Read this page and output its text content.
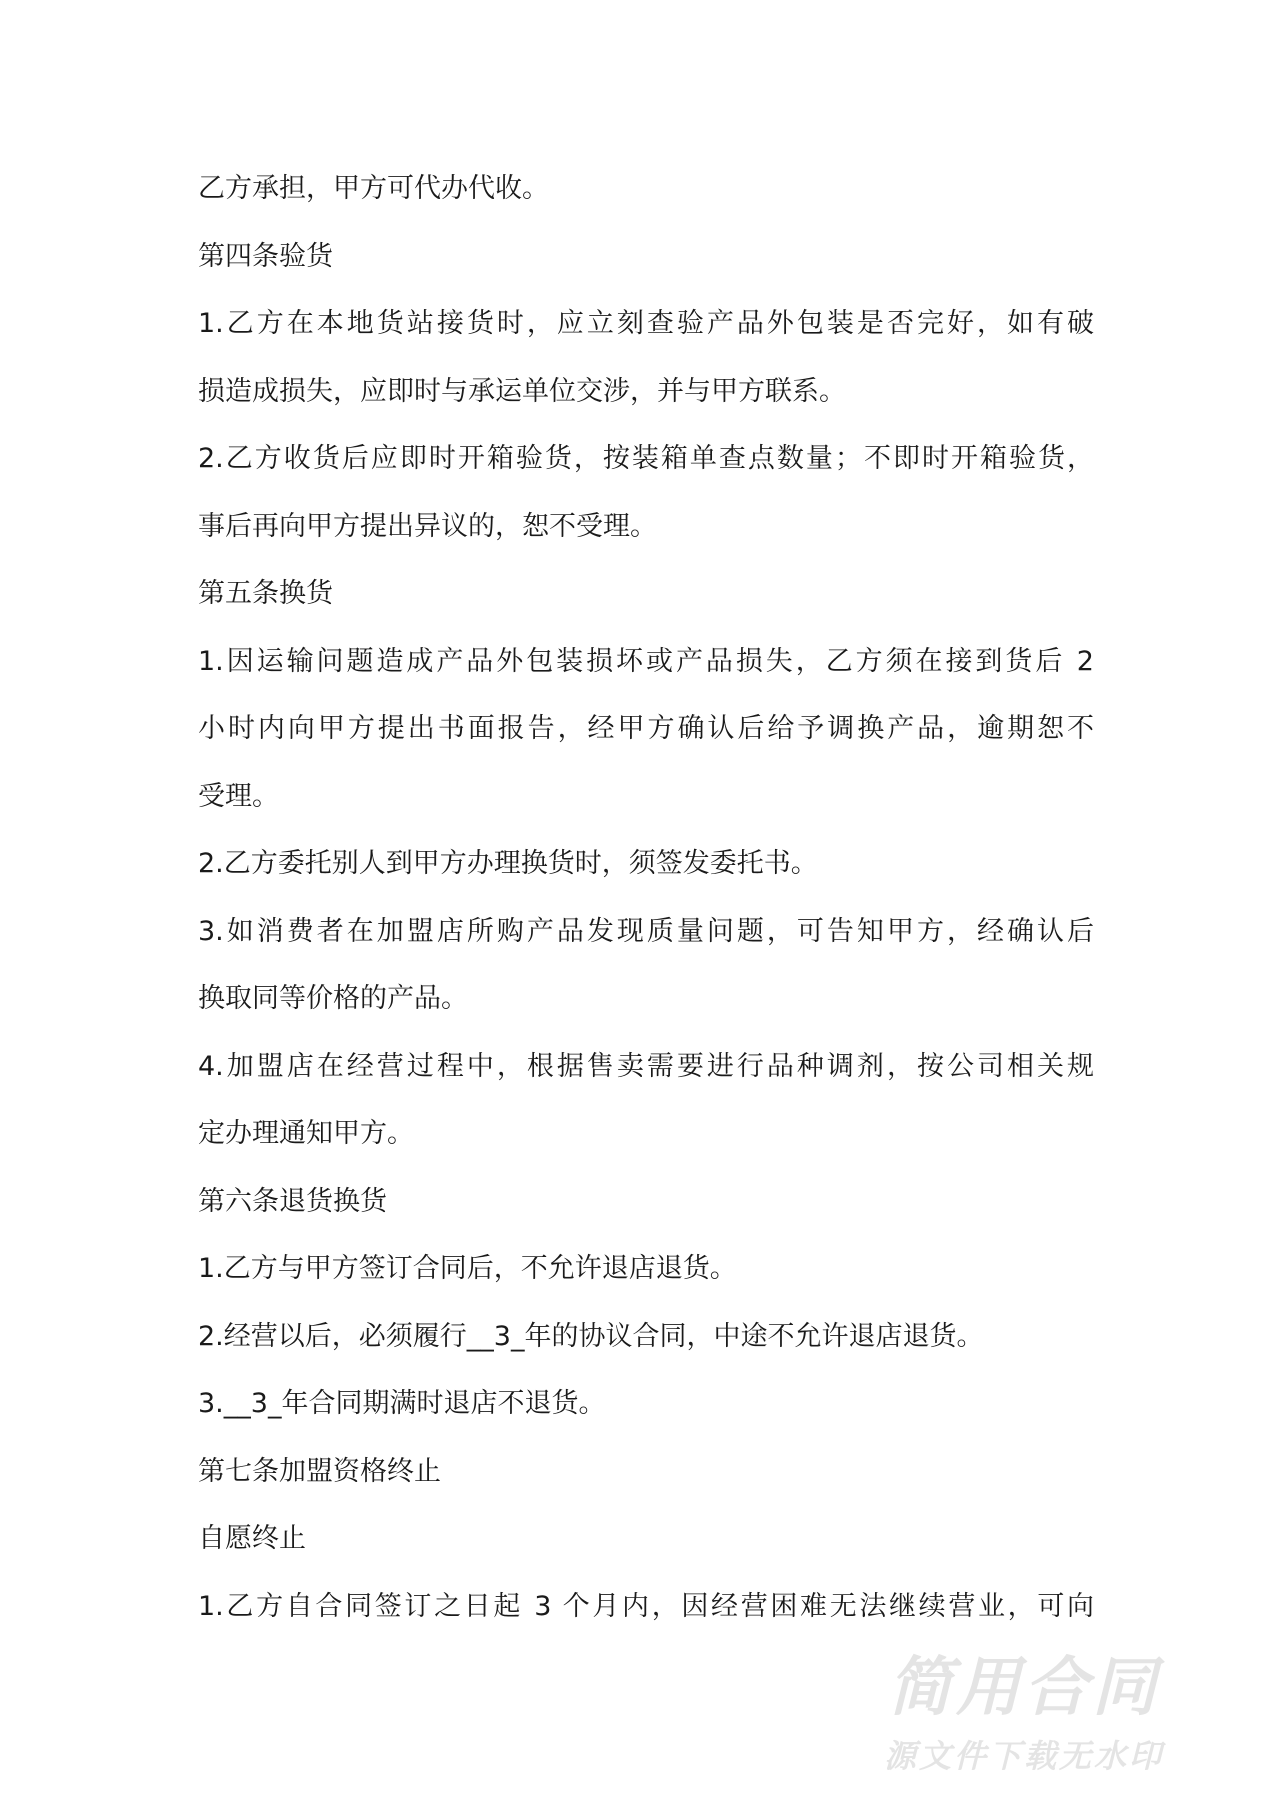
乙方承担，甲方可代办代收。
第四条验货
1.乙方在本地货站接货时，应立刻查验产品外包装是否完好，如有破
损造成损失，应即时与承运单位交涉，并与甲方联系。
2.乙方收货后应即时开箱验货，按装箱单查点数量；不即时开箱验货，
事后再向甲方提出异议的，恕不受理。
第五条换货
1.因运输问题造成产品外包装损坏或产品损失，乙方须在接到货后 2
小时内向甲方提出书面报告，经甲方确认后给予调换产品，逾期恕不
受理。
2.乙方委托别人到甲方办理换货时，须签发委托书。
3.如消费者在加盟店所购产品发现质量问题，可告知甲方，经确认后
换取同等价格的产品。
4.加盟店在经营过程中，根据售卖需要进行品种调剂，按公司相关规
定办理通知甲方。
第六条退货换货
1.乙方与甲方签订合同后，不允许退店退货。
2.经营以后，必须履行__3_年的协议合同，中途不允许退店退货。
3.__3_年合同期满时退店不退货。
第七条加盟资格终止
自愿终止
1.乙方自合同签订之日起 3 个月内，因经营困难无法继续营业，可向
简用合同
源文件下载无水印
